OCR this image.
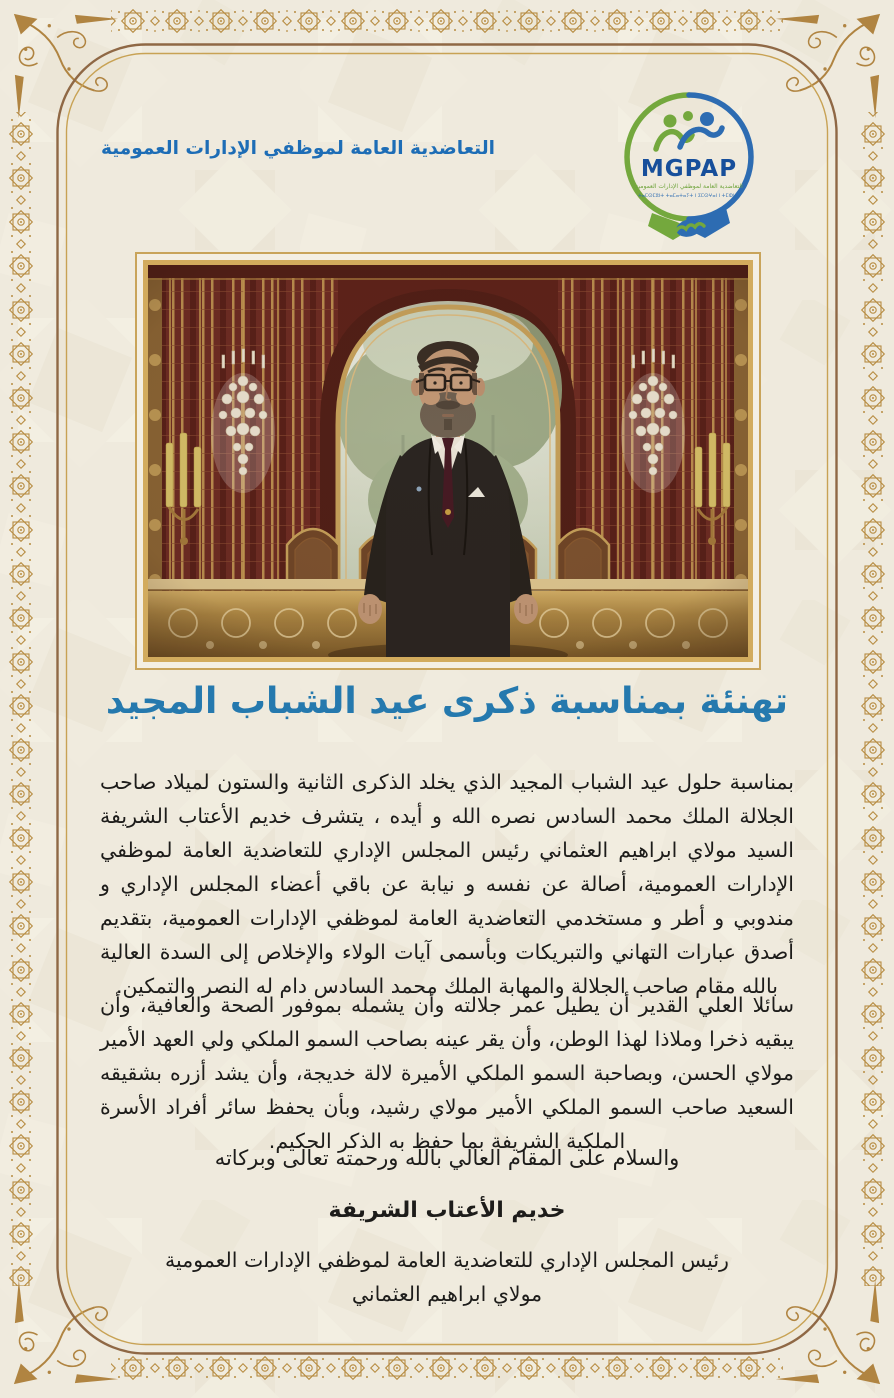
التعاضدية العامة لموظفي الإدارات العمومية
MGPAP
التعاضدية العامة لموظفي الإدارات العمومية
ⵜⴰⵎⵙⵎⵓⵏⵜ ⵜⴰⵎⴰⵜⴰⵢⵜ ⵏ ⵉⵎⵙⵖⴰⵏ ⵏ ⵜⵎⵀⵍⴰ
تهنئة بمناسبة ذكرى عيد الشباب المجيد
بمناسبة حلول عيد الشباب المجيد الذي يخلد الذكرى الثانية والستون لميلاد صاحب الجلالة الملك محمد السادس نصره الله و أيده ، يتشرف خديم الأعتاب الشريفة السيد مولاي ابراهيم العثماني رئيس المجلس الإداري للتعاضدية العامة لموظفي الإدارات العمومية، أصالة عن نفسه و نيابة عن باقي أعضاء المجلس الإداري و مندوبي و أطر و مستخدمي التعاضدية العامة لموظفي الإدارات العمومية، بتقديم أصدق عبارات التهاني والتبريكات وبأسمى آيات الولاء والإخلاص إلى السدة العالية بالله مقام صاحب الجلالة والمهابة الملك محمد السادس دام له النصر والتمكين.
سائلا العلي القدير أن يطيل عمر جلالته وأن يشمله بموفور الصحة والعافية، وأن يبقيه ذخرا وملاذا لهذا الوطن، وأن يقر عينه بصاحب السمو الملكي ولي العهد الأمير مولاي الحسن، وبصاحبة السمو الملكي الأميرة لالة خديجة، وأن يشد أزره بشقيقه السعيد صاحب السمو الملكي الأمير مولاي رشيد، وبأن يحفظ سائر أفراد الأسرة الملكية الشريفة بما حفظ به الذكر الحكيم.
والسلام على المقام العالي بالله ورحمته تعالى وبركاته
خديم الأعتاب الشريفة
رئيس المجلس الإداري للتعاضدية العامة لموظفي الإدارات العمومية
مولاي ابراهيم العثماني
